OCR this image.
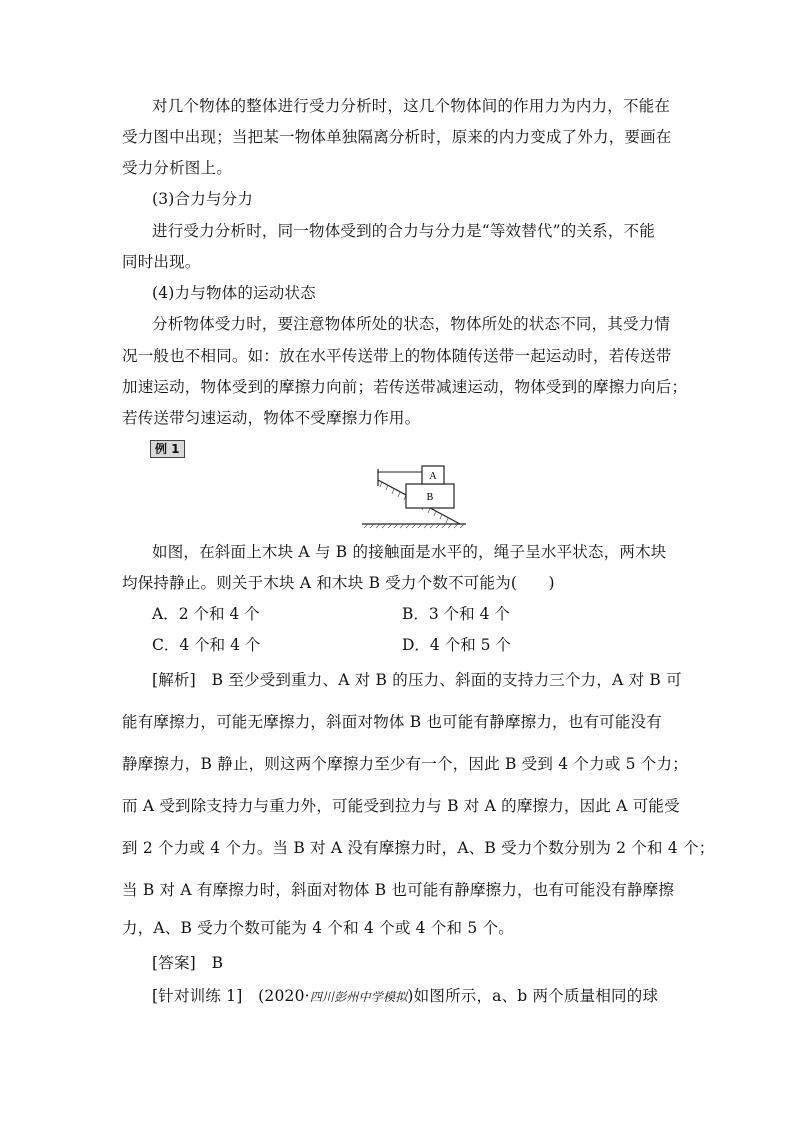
对几个物体的整体进行受力分析时，这几个物体间的作用力为内力，不能在
受力图中出现；当把某一物体单独隔离分析时，原来的内力变成了外力，要画在
受力分析图上。
(3)合力与分力
进行受力分析时，同一物体受到的合力与分力是“等效替代”的关系，不能
同时出现。
(4)力与物体的运动状态
分析物体受力时，要注意物体所处的状态，物体所处的状态不同，其受力情
况一般也不相同。如：放在水平传送带上的物体随传送带一起运动时，若传送带
加速运动，物体受到的摩擦力向前；若传送带减速运动，物体受到的摩擦力向后；
若传送带匀速运动，物体不受摩擦力作用。
例 1
B
A
如图，在斜面上木块 A 与 B 的接触面是水平的，绳子呈水平状态，两木块
均保持静止。则关于木块 A 和木块 B 受力个数不可能为(　　)
A．2 个和 4 个	B．3 个和 4 个
C．4 个和 4 个	D．4 个和 5 个
[解析]　B 至少受到重力、A 对 B 的压力、斜面的支持力三个力，A 对 B 可
能有摩擦力，可能无摩擦力，斜面对物体 B 也可能有静摩擦力，也有可能没有
静摩擦力，B 静止，则这两个摩擦力至少有一个，因此 B 受到 4 个力或 5 个力；
而 A 受到除支持力与重力外，可能受到拉力与 B 对 A 的摩擦力，因此 A 可能受
到 2 个力或 4 个力。当 B 对 A 没有摩擦力时，A、B 受力个数分别为 2 个和 4 个；
当 B 对 A 有摩擦力时，斜面对物体 B 也可能有静摩擦力，也有可能没有静摩擦
力，A、B 受力个数可能为 4 个和 4 个或 4 个和 5 个。
[答案]　B
[针对训练 1]　(2020·四川彭州中学模拟)如图所示，a、b 两个质量相同的球
